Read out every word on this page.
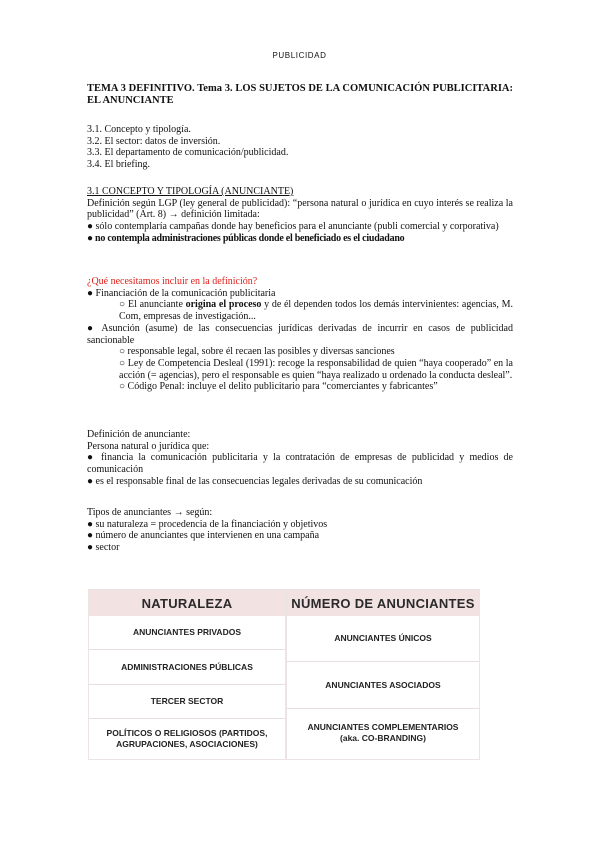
PUBLICIDAD
TEMA 3 DEFINITIVO. Tema 3. LOS SUJETOS DE LA COMUNICACIÓN PUBLICITARIA: EL ANUNCIANTE
3.1. Concepto y tipología.
3.2. El sector: datos de inversión.
3.3. El departamento de comunicación/publicidad.
3.4. El briefing.
3.1 CONCEPTO Y TIPOLOGÍA (ANUNCIANTE)
Definición según LGP (ley general de publicidad): “persona natural o jurídica en cuyo interés se realiza la publicidad” (Art. 8) → definición limitada:
● sólo contemplaría campañas donde hay beneficios para el anunciante (publi comercial y corporativa)
● no contempla administraciones públicas donde el beneficiado es el ciudadano
¿Qué necesitamos incluir en la definición?
● Financiación de la comunicación publicitaria
○ El anunciante origina el proceso y de él dependen todos los demás intervinientes: agencias, M. Com, empresas de investigación...
● Asunción (asume) de las consecuencias jurídicas derivadas de incurrir en casos de publicidad sancionable
○ responsable legal, sobre él recaen las posibles y diversas sanciones
○ Ley de Competencia Desleal (1991): recoge la responsabilidad de quien “haya cooperado” en la acción (= agencias), pero el responsable es quien “haya realizado u ordenado la conducta desleal”.
○ Código Penal: incluye el delito publicitario para “comerciantes y fabricantes”
Definición de anunciante:
Persona natural o jurídica que:
● financia la comunicación publicitaria y la contratación de empresas de publicidad y medios de comunicación
● es el responsable final de las consecuencias legales derivadas de su comunicación
Tipos de anunciantes → según:
● su naturaleza = procedencia de la financiación y objetivos
● número de anunciantes que intervienen en una campaña
● sector
NATURALEZA
ANUNCIANTES PRIVADOS
ADMINISTRACIONES PÚBLICAS
TERCER SECTOR
POLÍTICOS O RELIGIOSOS (PARTIDOS, AGRUPACIONES, ASOCIACIONES)
NÚMERO DE ANUNCIANTES
ANUNCIANTES ÚNICOS
ANUNCIANTES ASOCIADOS
ANUNCIANTES COMPLEMENTARIOS (aka. CO-BRANDING)
